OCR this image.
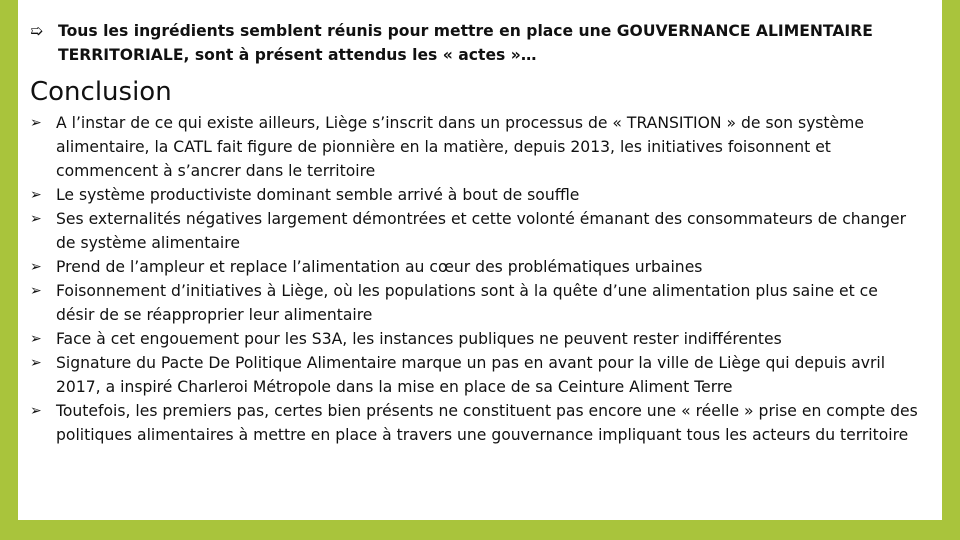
➯ Tous les ingrédients semblent réunis pour mettre en place une GOUVERNANCE ALIMENTAIRE TERRITORIALE, sont à présent attendus les « actes »…
Conclusion
➢ A l’instar de ce qui existe ailleurs, Liège s’inscrit dans un processus de « TRANSITION » de son système alimentaire, la CATL fait figure de pionnière en la matière, depuis 2013, les initiatives foisonnent et commencent à s’ancrer dans le territoire
➢ Le système productiviste dominant semble arrivé à bout de souffle
➢ Ses externalités négatives largement démontrées et cette volonté émanant des consommateurs de changer de système alimentaire
➢ Prend de l’ampleur et replace l’alimentation au cœur des problématiques urbaines
➢ Foisonnement d’initiatives à Liège, où les populations sont à la quête d’une alimentation plus saine et ce désir de se réapproprier leur alimentaire
➢ Face à cet engouement pour les S3A, les instances publiques ne peuvent rester indifférentes
➢ Signature du Pacte De Politique Alimentaire marque un pas en avant pour la ville de Liège qui depuis avril 2017, a inspiré Charleroi Métropole dans la mise en place de sa Ceinture Aliment Terre
➢ Toutefois, les premiers pas, certes bien présents ne constituent pas encore une « réelle » prise en compte des politiques alimentaires à mettre en place à travers une gouvernance impliquant tous les acteurs du territoire
